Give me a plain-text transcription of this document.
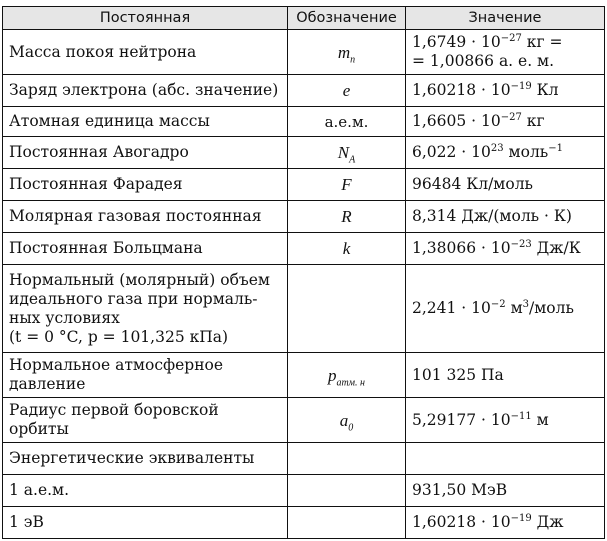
Постоянная	Обозначение	Значение
Масса покоя нейтрона	$m_n$	$1,6749 \cdot 10^{-27}$ кг =
= 1,00866 а. е. м.
Заряд электрона (абс. значение)	e	$1,60218 \cdot 10^{-19}$ Кл
Атомная единица массы	а.е.м.	$1,6605 \cdot 10^{-27}$ кг
Постоянная Авогадро	$N_A$	$6,022 \cdot 10^{23}$ моль$^{-1}$
Постоянная Фарадея	F	96484 Кл/моль
Молярная газовая постоянная	R	8,314 Дж/(моль · К)
Постоянная Больцмана	k	$1,38066 \cdot 10^{-23}$ Дж/К

Нормальный (молярный) объем
идеального газа при нормаль-
ных условиях
(t = 0 °C, p = 101,325 кПа)		$2,241 \cdot 10^{-2}$ $м^3$/моль

Нормальное атмосферное
давление	$p_{атм. н}$	101 325 Па

Радиус первой боровской
орбиты	$a_0$	$5,29177 \cdot 10^{-11}$ м
Энергетические эквиваленты		
1 а.е.м.		931,50 МэВ
1 эВ		$1,60218 \cdot 10^{-19}$ Дж
